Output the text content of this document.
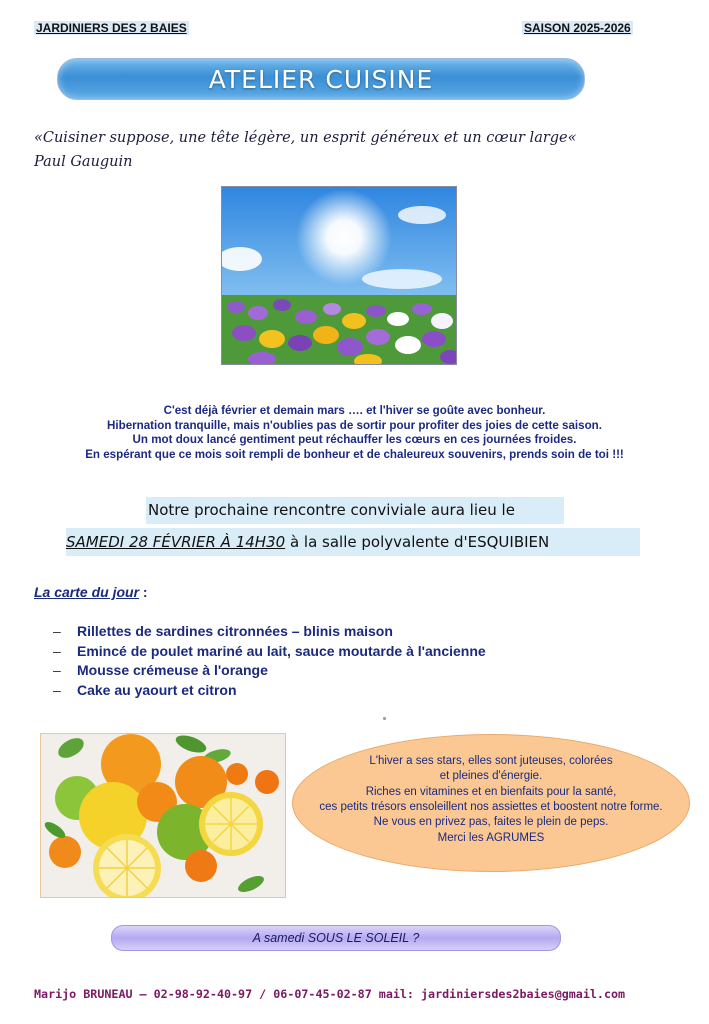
JARDINIERS DES 2 BAIES	SAISON 2025-2026
ATELIER CUISINE
«Cuisiner suppose, une tête légère, un esprit généreux et un cœur large«
Paul Gauguin
C'est déjà février et demain mars …. et l'hiver se goûte avec bonheur.
Hibernation tranquille, mais n'oublies pas de sortir pour profiter des joies de cette saison.
Un mot doux lancé gentiment peut réchauffer les cœurs en ces journées froides.
En espérant que ce mois soit rempli de bonheur et de chaleureux souvenirs, prends soin de toi !!!
Notre prochaine rencontre conviviale aura lieu le
SAMEDI 28 FÉVRIER À 14H30 à la salle polyvalente d'ESQUIBIEN
La carte du jour :
–	Rillettes de sardines citronnées – blinis maison
–	Emincé de poulet mariné au lait, sauce moutarde à l'ancienne
–	Mousse crémeuse à l'orange
–	Cake au yaourt et citron
L'hiver a ses stars, elles sont juteuses, colorées
et pleines d'énergie.
Riches en vitamines et en bienfaits pour la santé,
ces petits trésors ensoleillent nos assiettes et boostent notre forme.
Ne vous en privez pas, faites le plein de peps.
Merci les AGRUMES
A samedi SOUS LE SOLEIL ?
Marijo BRUNEAU – 02-98-92-40-97 / 06-07-45-02-87 mail: jardiniersdes2baies@gmail.com
